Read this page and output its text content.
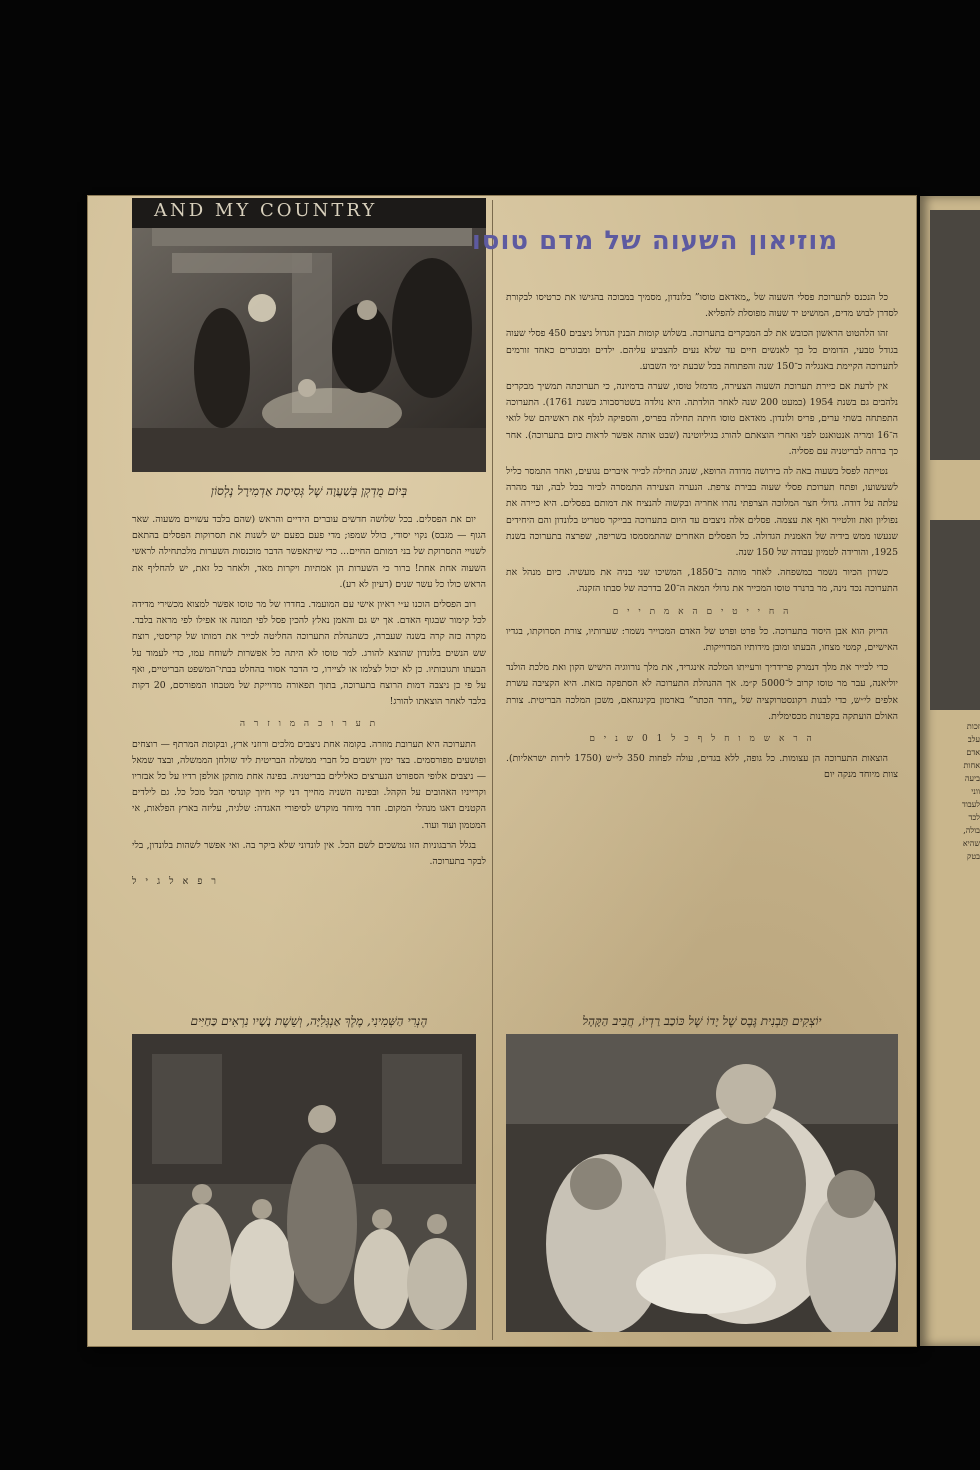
AND MY COUNTRY
בְּיוֹם מֻדְקְן בְּשַׁעֲוָה שֶׁל גְּסִיסַת אַדְמִירָל נֶלְסוֹן
מוזיאון השעוה של מדם טוסו

כל הנכנס לתערוכת פסלי השעוה של „מאדאם טוסו” בלונדון, מסמיך במבוכה בהגישו את כרטיסו לבקורת לסדרן לבוש מדים, המושיט יד שעוה מפוסלת להפליא.

זהו הלהטוט הראשון הכובש את לב המבקרים בתערוכה. בשלוש קומות הבנין הגדול ניצבים 450 פסלי שעוה בגודל טבעי, הדומים כל כך לאנשים חיים עד שלא נעים להצביע עליהם. ילדים ומבוגרים כאחד זורמים לתערוכה הקיימת באנגליה כ־150 שנה והפתוחה בכל שבעת ימי השבוע.

אין לדעת אם כיירת תערוכת השעוה הצעירה, מדמזל טוסו, שערה בדמיונה, כי תערוכתה תמשיך מבקרים נלהבים גם בשנת 1954 (כמעט 200 שנה לאחר הולדתה. היא נולדה בשטרסבורג בשנת 1761). התערוכה התפתחה בשתי ערים, פריס ולונדון. מאדאם טוסו חיתה תחילה בפריס, והספיקה לגלף את ראשיהם של לואי ה־16 ומריה אנטואנט לפני ואחרי הוצאתם להורג בגיליוטינה (שבט אותה אפשר לראות כיום בתערוכה). אחר כך ברחה לבריטניה עם פסליה.

נטייתה לפסל בשעוה באה לה בירושה מדודה הרופא, שנהג תחילה לכייר איברים נגועים, ואחר התמסר כליל לשעשועו, ופתח תערוכת פסלי שעוה בבירת צרפת. הנערה הצעירה התמסרה לכיור בכל לבה, ועד מהרה עלתה על דודה. גדולי חצר המלוכה הצרפתי נהרו אחריה ובקשוה להנציח את דמותם בפסלים. היא כיירה את נפוליון ואת וולטייר ואף את עצמה. פסלים אלה ניצבים עד היום בתערוכה בבייקר סטריט בלונדון והם היחידים שנעשו ממש בידיה של האמנית הגדולה. כל הפסלים האחרים שהתמסמסו בשריפה, שפרצה בתערוכה בשנת 1925, והורידה לטמיון עבודה של 150 שנה.

כשרון הכיור נשמר במשפחה. לאחר מותה ב־1850, המשיכו שני בניה את מעשיה. כיום מנהל את התערוכה נכד נינה, מר ברנרד טוסו המכייר את גדולי המאה ה־20 בדרכה של סבתו הזקנה.

ה ח י י ט י ם ה א מ ת י י ם

הדיוק הוא אבן היסוד בתערוכה. כל פרט ופרט של האדם המכוייר נשמר: שערותיו, צורת תסרוקתו, בגדיו האישיים, קמטי מצחו, הבעתו ומובן מידותיו המדוייקות.

כדי לכייר את מלך דנמרק פרידריך ורעייתו המלכה אינגריד, את מלך נורווגיה הישיש הקון ואת מלכת הולנד יוליאנה, עבר מר טוסו קרוב ל־5000 ק״מ. אך ההנהלת התערוכה לא הסתפקה בזאת. היא הקציבה עשרת אלפים לי״ש, כדי לבנות רקונסטרוקציה של „חדר הכתר” בארמון בקינגהאם, משכן המלכה הבריטית. צורת האולם הועתקה בקפדנות מכסימלית.

ה ר א ש מ ו ח ל ף כ ל 1 0 ש נ י ם

הוצאות התערוכה הן עצומות. כל גופה, ללא בגדים, עולה לפחות 350 לי״ש (1750 לירות ישראליות). צוות מיוחד מנקה יום

יום את הפסלים. בכל שלושה חדשים עוברים הידיים והראש (שהם בלבד עשויים משעוה. שאר הגוף — מגבס) נקוי יסודי, כולל שמפו; מדי פעם בפעם יש לשנות את תסרוקות הפסלים בהתאם לשנויי התסרוקת של בני דמותם החיים... כדי שיתאפשר הדבר מוכנסות השערות מלכתחילה לראשי השעוה אחת אחת! ברור כי השערות הן אמתיות ויקרות מאד, ולאחר כל זאת, יש להחליף את הראש כולו כל עשר שנים (רעיון לא רע).

רוב הפסלים הוכנו ע״י ראיון אישי עם המועמד. בחדרו של מר טוסו אפשר למצוא מכשירי מדידה לכל קימור שבגוף האדם. אך יש גם והאמן נאלץ להכין פסל לפי תמונה או אפילו לפי מראה בלבד. מקרה כזה קרה בשנה שעברה, כשהנהלת התערוכה החליטה לכייר את דמותו של קריסטי, רוצח שש הנשים בלונדון שהוצא להורג. למר טוסו לא היתה כל אפשרות לשוחח עמו, כדי לעמוד על הבעתו ותגובותיו. כן לא יכול לצלמו או לציירו, כי הדבר אסור בהחלט בבתי־המשפט הבריטיים, ואף על פי כן ניצבה דמות הרוצח בתערוכה, בתוך תפאורה מדוייקת של מטבחו המפורסם, 20 דקות בלבד לאחר הוצאתו להורג!

ת ע ר ו כ ה מ ו ז ר ה

התערוכה היא תערובת מוזרה. בקומה אחת ניצבים מלכים ורוזני ארץ, ובקומת המרתף — רוצחים ופושעים מפורסמים. בצד ימין יושבים כל חברי ממשלה הבריטית ליד שולחן הממשלה, ובצד שמאל — ניצבים אלופי הספורט הנערצים כאלילים בבריטניה. בפינה אחת מותקן אולפן רדיו על כל אבזריו וקרייניו האהובים על הקהל. ובפינה השניה מחייך דני קיי חיוך קונדסי הבל מכל כל. גם לילדים הקטנים דאגו מנהלי המקום. חדר מיוחד מוקדש לסיפורי האגדה: שלגיה, עליזה בארץ הפלאות, אי המטמון ועוד ועוד.

בגלל הרבגוניות הזו נמשכים לשם הכל. אין לונדוני שלא ביקר בה. ואי אפשר לשהות בלונדון, בלי לבקר בתערוכה.

ר פ א ל ג י ל
הֶנְרִי הַשְּׁמִינִי, מֶלֶךְ אַנְגְּלִיָּה, וְשֵׁשֶׁת נָשָׁיו נִרְאִים כַּחַיִּים	יוֹצְקִים תַּבְנִית גֶּבֶס שֶׁל יָדוֹ שֶׁל כּוֹכַב רַדְיוֹ, חֲבִיב הַקָּהָל
זכות
עלב
אדם
אחות
ביעה
ווני
לעבוד
לכד
בולה,
שהיא
בטק
